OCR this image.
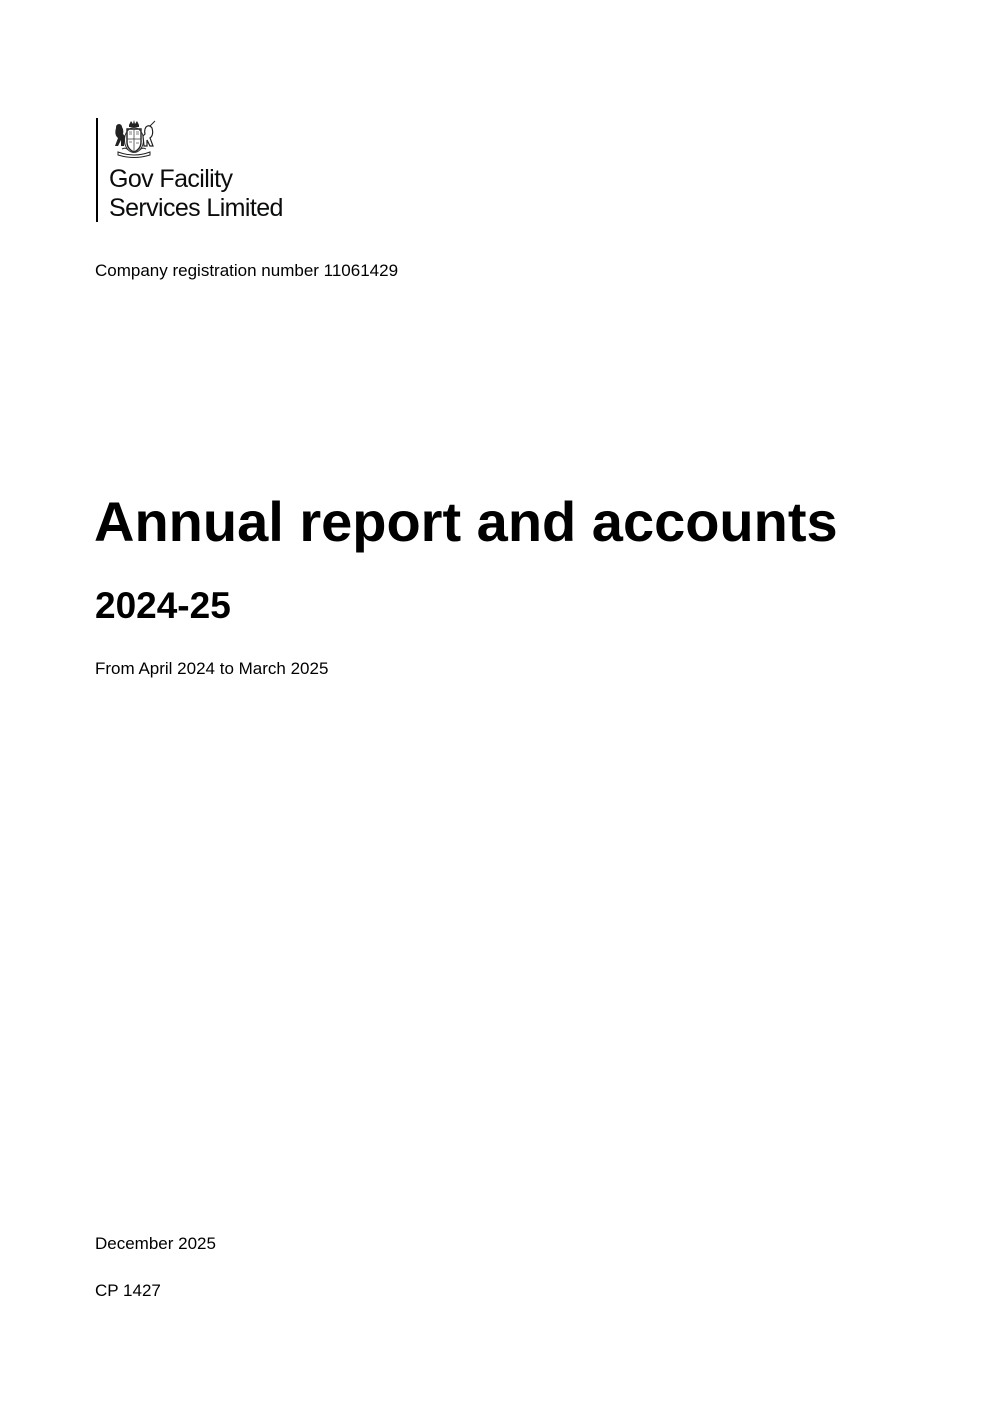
Gov Facility
Services Limited
Company registration number 11061429
Annual report and accounts
2024-25
From April 2024 to March 2025
December 2025
CP 1427
